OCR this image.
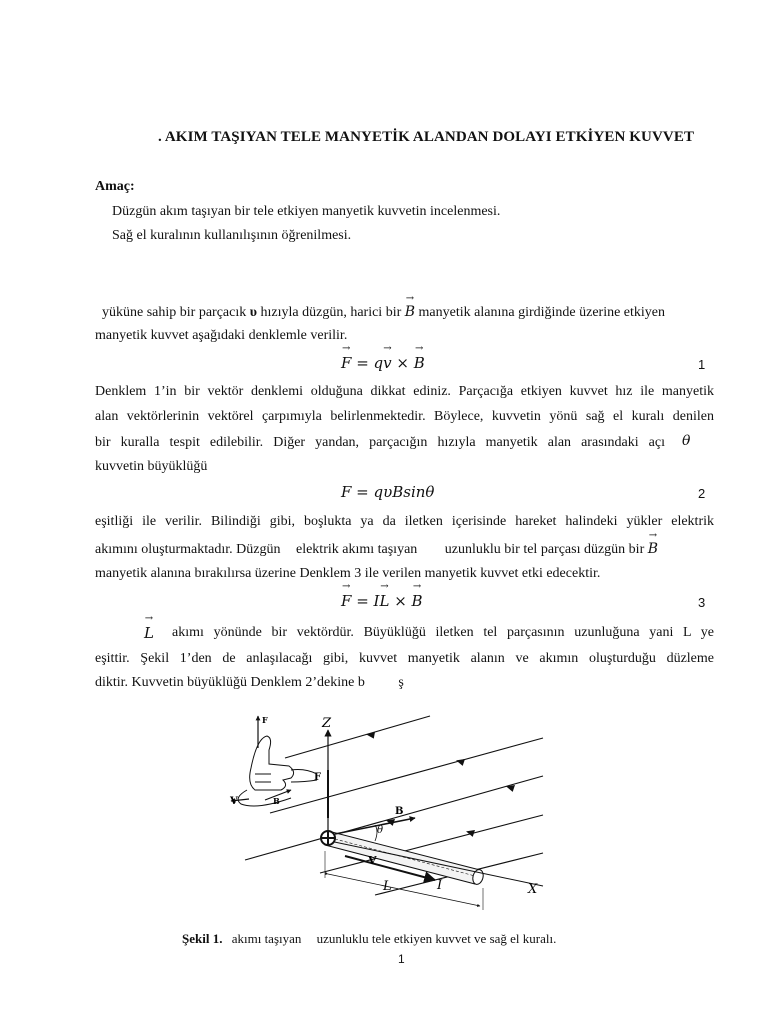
. AKIM TAŞIYAN TELE MANYETİK ALANDAN DOLAYI ETKİYEN KUVVET
Amaç:
Düzgün akım taşıyan bir tele etkiyen manyetik kuvvetin incelenmesi.
Sağ el kuralının kullanılışının öğrenilmesi.
yüküne sahip bir parçacık υ hızıyla düzgün, harici bir → B manyetik alanına girdiğinde üzerine etkiyen
manyetik kuvvet aşağıdaki denklemle verilir.
→ F = q→ v × → B	1
Denklem 1’in bir vektör denklemi olduğuna dikkat ediniz. Parçacığa etkiyen kuvvet hız ile manyetik
alan vektörlerinin vektörel çarpımıyla belirlenmektedir. Böylece, kuvvetin yönü sağ el kuralı denilen
bir kuralla tespit edilebilir. Diğer yandan, parçacığın hızıyla manyetik alan arasındaki açı θ
kuvvetin büyüklüğü
F = qυBsinθ	2
eşitliği ile verilir. Bilindiği gibi, boşlukta ya da iletken içerisinde hareket halindeki yükler elektrik
akımını oluşturmaktadır. Düzgün elektrik akımı taşıyan uzunluklu bir tel parçası düzgün bir → B
manyetik alanına bırakılırsa üzerine Denklem 3 ile verilen manyetik kuvvet etki edecektir.
→ F = I→ L × → B	3
→ L akımı yönünde bir vektördür. Büyüklüğü iletken tel parçasının uzunluğuna yani L ye
eşittir. Şekil 1’den de anlaşılacağı gibi, kuvvet manyetik alanın ve akımın oluşturduğu düzleme
diktir. Kuvvetin büyüklüğü Denklem 2’dekine b ş
Z
F
X
B
θ
V
I
L
F
V	B
Şekil 1. akımı taşıyan uzunluklu tele etkiyen kuvvet ve sağ el kuralı.
1
